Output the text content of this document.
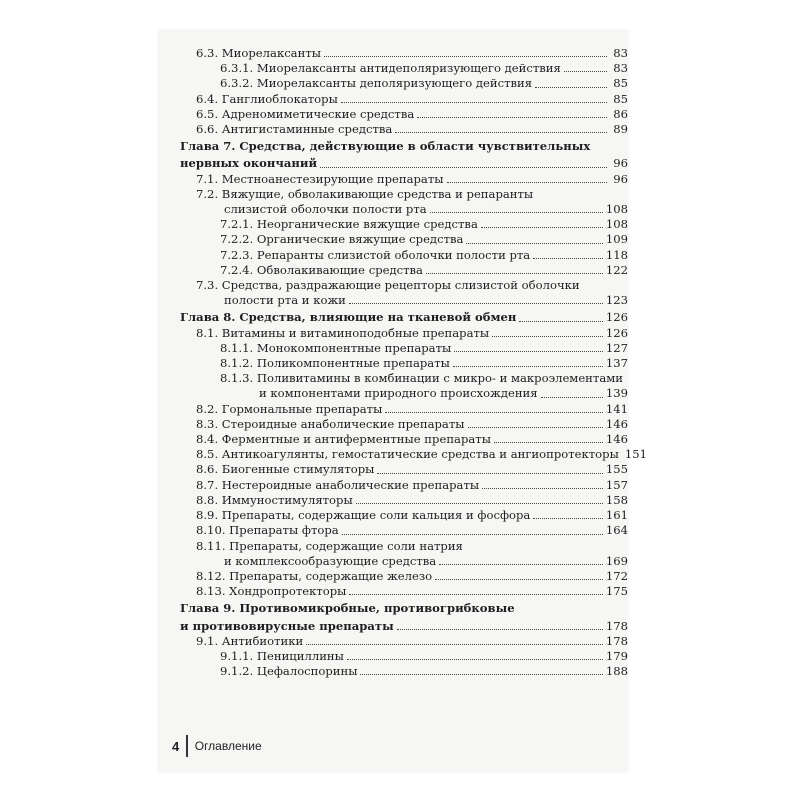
6.3. Миорелаксанты	83
6.3.1. Миорелаксанты антидеполяризующего действия	83
6.3.2. Миорелаксанты деполяризующего действия	85
6.4. Ганглиоблокаторы	85
6.5. Адреномиметические средства	86
6.6. Антигистаминные средства	89
Глава 7. Средства, действующие в области чувствительных
нервных окончаний	96
7.1. Местноанестезирующие препараты	96
7.2. Вяжущие, обволакивающие средства и репаранты
слизистой оболочки полости рта	108
7.2.1. Неорганические вяжущие средства	108
7.2.2. Органические вяжущие средства	109
7.2.3. Репаранты слизистой оболочки полости рта	118
7.2.4. Обволакивающие средства	122
7.3. Средства, раздражающие рецепторы слизистой оболочки
полости рта и кожи	123
Глава 8. Средства, влияющие на тканевой обмен	126
8.1. Витамины и витаминоподобные препараты	126
8.1.1. Монокомпонентные препараты	127
8.1.2. Поликомпонентные препараты	137
8.1.3. Поливитамины в комбинации с микро- и макроэлементами
и компонентами природного происхождения	139
8.2. Гормональные препараты	141
8.3. Стероидные анаболические препараты	146
8.4. Ферментные и антиферментные препараты	146
8.5. Антикоагулянты, гемостатические средства и ангиопротекторы 151
8.6. Биогенные стимуляторы	155
8.7. Нестероидные анаболические препараты	157
8.8. Иммуностимуляторы	158
8.9. Препараты, содержащие соли кальция и фосфора	161
8.10. Препараты фтора	164
8.11. Препараты, содержащие соли натрия
и комплексообразующие средства	169
8.12. Препараты, содержащие железо	172
8.13. Хондропротекторы	175
Глава 9. Противомикробные, противогрибковые
и противовирусные препараты	178
9.1. Антибиотики	178
9.1.1. Пенициллины	179
9.1.2. Цефалоспорины	188
4 Оглавление
